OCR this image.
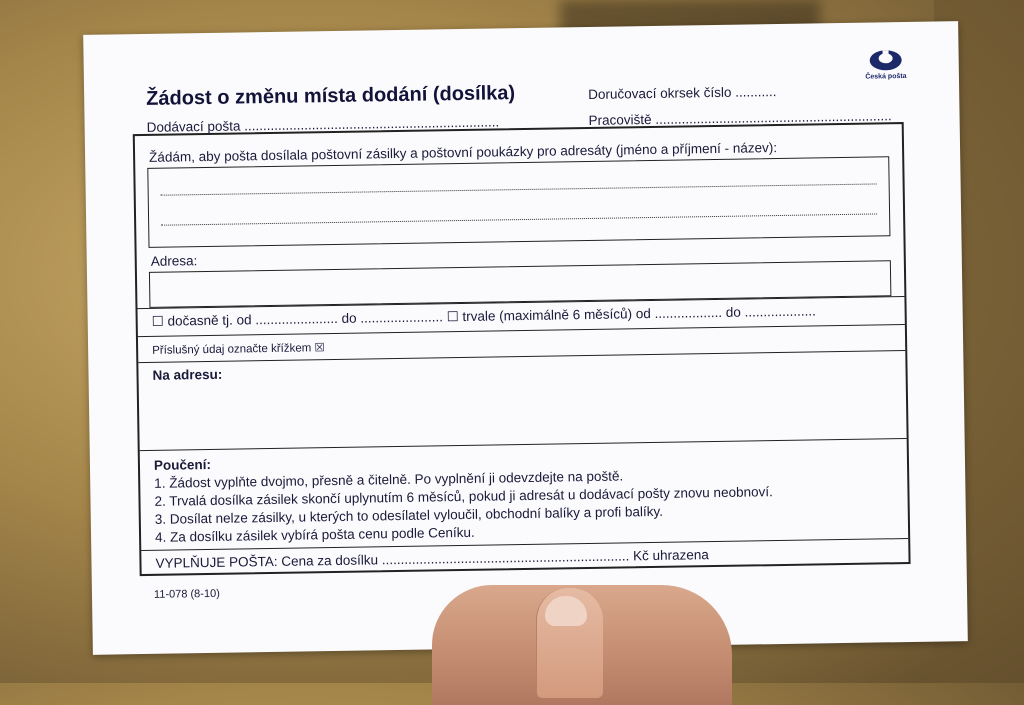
Česká pošta
Žádost o změnu místa dodání (dosílka)	Doručovací okrsek číslo ...........
Dodávací pošta ....................................................................	Pracoviště ...............................................................
Žádám, aby pošta dosílala poštovní zásilky a poštovní poukázky pro adresáty (jméno a příjmení - název):
Adresa:
☐ dočasně tj. od ...................... do ...................... ☐ trvale (maximálně 6 měsíců) od .................. do ...................
Příslušný údaj označte křížkem ☒
Na adresu:
Poučení:
1. Žádost vyplňte dvojmo, přesně a čitelně. Po vyplnění ji odevzdejte na poště.
2. Trvalá dosílka zásilek skončí uplynutím 6 měsíců, pokud ji adresát u dodávací pošty znovu neobnoví.
3. Dosílat nelze zásilky, u kterých to odesílatel vyloučil, obchodní balíky a profi balíky.
4. Za dosílku zásilek vybírá pošta cenu podle Ceníku.
VYPLŇUJE POŠTA: Cena za dosílku .................................................................. Kč uhrazena
11-078 (8-10)
